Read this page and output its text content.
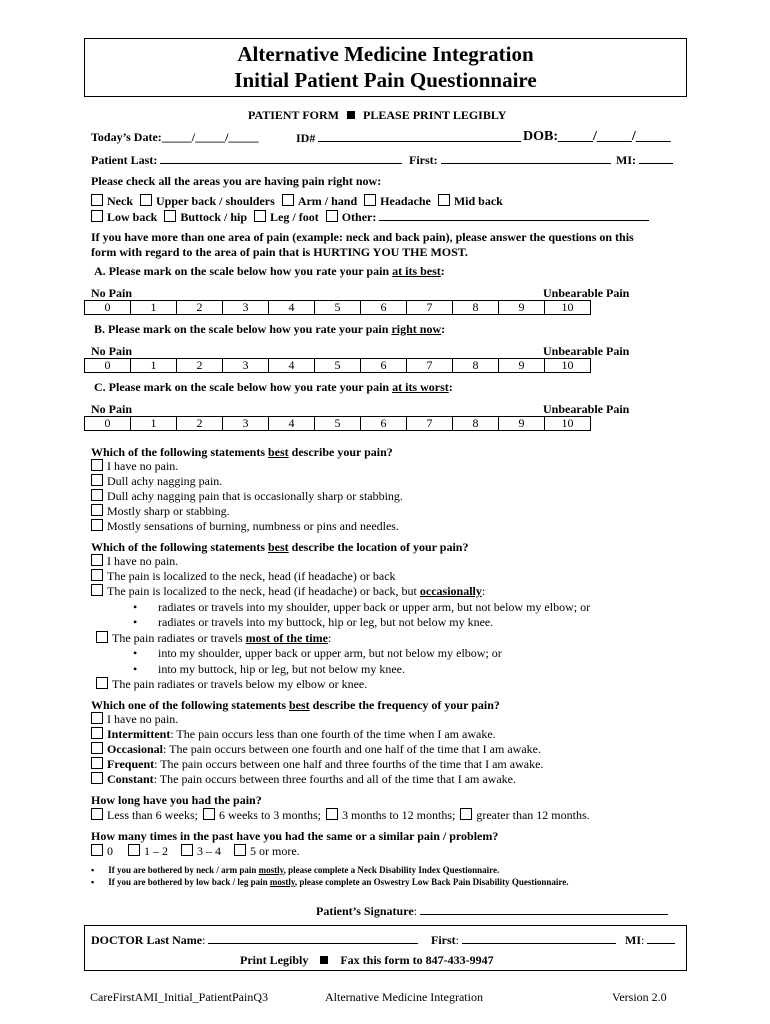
Alternative Medicine Integration
Initial Patient Pain Questionnaire
PATIENT FORM PLEASE PRINT LEGIBLY
Today’s Date:_____/_____/_____	ID#	DOB:_____/_____/_____
Patient Last:	First:	MI:
Please check all the areas you are having pain right now:
Neck Upper back / shoulders Arm / hand Headache Mid back
Low back Buttock / hip Leg / foot Other:
If you have more than one area of pain (example: neck and back pain), please answer the questions on this
form with regard to the area of pain that is HURTING YOU THE MOST.
A. Please mark on the scale below how you rate your pain at its best:
No Pain	Unbearable Pain
0	1	2	3	4	5	6	7	8	9	10
B. Please mark on the scale below how you rate your pain right now:
No Pain	Unbearable Pain
0	1	2	3	4	5	6	7	8	9	10
C. Please mark on the scale below how you rate your pain at its worst:
No Pain	Unbearable Pain
0	1	2	3	4	5	6	7	8	9	10
Which of the following statements best describe your pain?
I have no pain.
Dull achy nagging pain.
Dull achy nagging pain that is occasionally sharp or stabbing.
Mostly sharp or stabbing.
Mostly sensations of burning, numbness or pins and needles.
Which of the following statements best describe the location of your pain?
I have no pain.
The pain is localized to the neck, head (if headache) or back
The pain is localized to the neck, head (if headache) or back, but occasionally:
• radiates or travels into my shoulder, upper back or upper arm, but not below my elbow; or
• radiates or travels into my buttock, hip or leg, but not below my knee.
The pain radiates or travels most of the time:
• into my shoulder, upper back or upper arm, but not below my elbow; or
• into my buttock, hip or leg, but not below my knee.
The pain radiates or travels below my elbow or knee.
Which one of the following statements best describe the frequency of your pain?
I have no pain.
Intermittent: The pain occurs less than one fourth of the time when I am awake.
Occasional: The pain occurs between one fourth and one half of the time that I am awake.
Frequent: The pain occurs between one half and three fourths of the time that I am awake.
Constant: The pain occurs between three fourths and all of the time that I am awake.
How long have you had the pain?
Less than 6 weeks; 6 weeks to 3 months; 3 months to 12 months; greater than 12 months.
How many times in the past have you had the same or a similar pain / problem?
0	1 – 2 3 – 4 5 or more.
▪ If you are bothered by neck / arm pain mostly, please complete a Neck Disability Index Questionnaire.
▪ If you are bothered by low back / leg pain mostly, please complete an Oswestry Low Back Pain Disability Questionnaire.
Patient’s Signature:
DOCTOR Last Name:	First:	MI:
Print Legibly	Fax this form to 847-433-9947
CareFirstAMI_Initial_PatientPainQ3	Alternative Medicine Integration	Version 2.0
